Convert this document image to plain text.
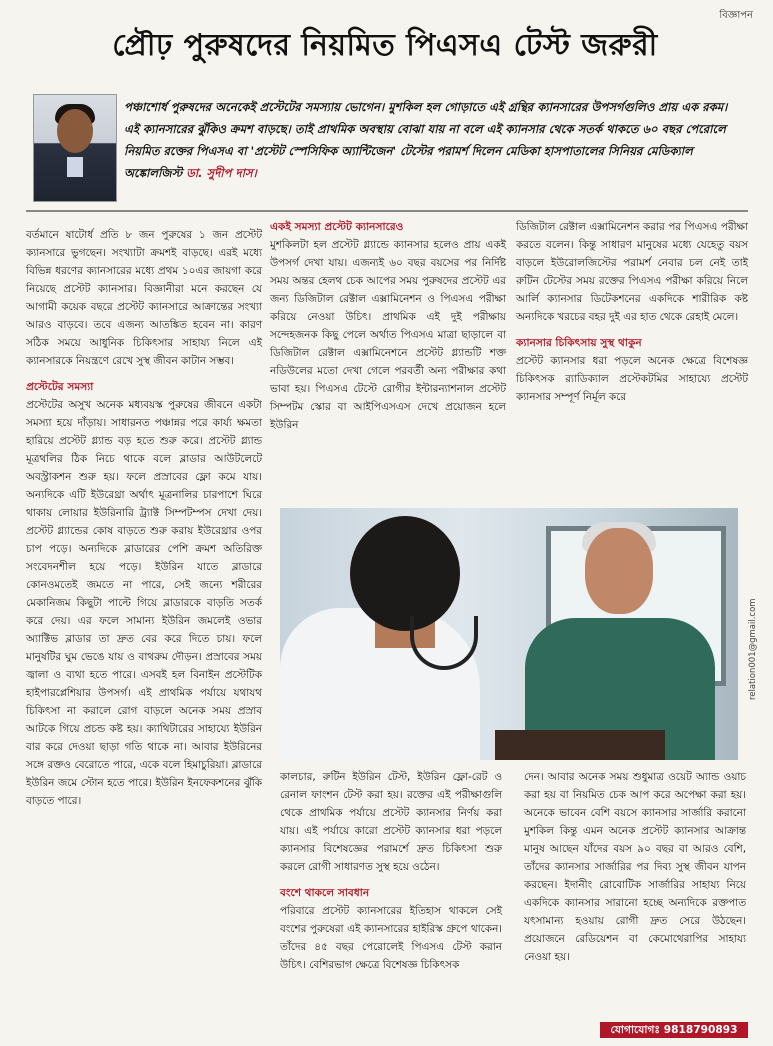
বিজ্ঞাপন
প্রৌঢ় পুরুষদের নিয়মিত পিএসএ টেস্ট জরুরী
পঞ্চাশোর্ধ পুরুষদের অনেকেই প্রস্টেটের সমস্যায় ভোগেন। মুশকিল হল গোড়াতে এই গ্রন্থির ক্যানসারের উপসর্গগুলিও প্রায় এক রকম। এই ক্যানসারের ঝুঁকিও ক্রমশ বাড়ছে। তাই প্রাথমিক অবস্থায় বোঝা যায় না বলে এই ক্যানসার থেকে সতর্ক থাকতে ৬০ বছর পেরোলে নিয়মিত রক্তের পিএসএ বা 'প্রস্টেট স্পেসিফিক অ্যান্টিজেন' টেস্টের পরামর্শ দিলেন মেডিকা হাসপাতালের সিনিয়র মেডিক্যাল অঙ্কোলজিস্ট ডা. সুদীপ দাস।

বর্তমানে ষাটোর্ধ প্রতি ৮ জন পুরুষের ১ জন প্রস্টেট ক্যানসারে ভুগছেন। সংখ্যাটা ক্রমশই বাড়ছে। এরই মধ্যে বিভিন্ন ধরণের ক্যানসারের মধ্যে প্রথম ১০এর জায়গা করে নিয়েছে প্রস্টেট ক্যানসার। বিজ্ঞানীরা মনে করছেন যে আগামী কয়েক বছরে প্রস্টেট ক্যানসারে আক্রান্তের সংখ্যা আরও বাড়বে। তবে এজন্য আতঙ্কিত হবেন না। কারণ সঠিক সময়ে আধুনিক চিকিৎসার সাহায্য নিলে এই ক্যানসারকে নিয়ন্ত্রণে রেখে সুস্থ জীবন কাটান সম্ভব।

প্রস্টেটের সমস্যা

প্রস্টেটের অসুখ অনেক মধ্যবয়স্ক পুরুষের জীবনে একটা সমস্যা হয়ে দাঁড়ায়। সাধারনত পঞ্চান্নর পরে কার্য্য ক্ষমতা হারিয়ে প্রস্টেট গ্ল্যান্ড বড় হতে শুরু করে। প্রস্টেট গ্ল্যান্ড মূত্রথলির ঠিক নিচে থাকে বলে ব্লাডার আউটলেটে অবস্ট্রাকশন শুরু হয়। ফলে প্রস্রাবের ফ্লো কমে যায়। অন্যদিকে এটি ইউরেথ্রা অর্থাৎ মূত্রনালির চারপাশে ঘিরে থাকায় লোয়ার ইউরিনারি ট্র্যাক্ট সিম্পটম্পস দেখা দেয়। প্রস্টেট গ্ল্যান্ডের কোষ বাড়তে শুরু করায় ইউরেথ্রার ওপর চাপ পড়ে। অন্যদিকে ব্লাডারের পেশি ক্রমশ অতিরিক্ত সংবেদনশীল হয়ে পড়ে। ইউরিন যাতে ব্লাডারে কোনওমতেই জমতে না পারে, সেই জন্যে শরীরের মেকানিজম কিছুটা পাল্টে গিয়ে ব্লাডারকে বাড়তি সতর্ক করে দেয়। এর ফলে সামান্য ইউরিন জমলেই ওভার অ্যাক্টিভ ব্লাডার তা দ্রুত বের করে দিতে চায়। ফলে মানুষটির ঘুম ভেঙে যায় ও বাথরুম দৌড়ন। প্রস্রাবের সময় জ্বালা ও ব্যথা হতে পারে। এসবই হল বিনাইন প্রস্টেটিক হাইপারপ্লেশিয়ার উপসর্গ। এই প্রাথমিক পর্যায়ে যথাযথ চিকিৎসা না করালে রোগ বাড়লে অনেক সময় প্রস্রাব আটকে গিয়ে প্রচন্ড কষ্ট হয়। ক্যাথিটারের সাহায্যে ইউরিন বার করে দেওয়া ছাড়া গতি থাকে না। আবার ইউরিনের সঙ্গে রক্তও বেরোতে পারে, একে বলে হিমাচুরিয়া। ব্লাডারে ইউরিন জমে স্টোন হতে পারে। ইউরিন ইনফেকশনের ঝুঁকি বাড়তে পারে।

একই সমস্যা প্রস্টেট ক্যানসারেও

মুশকিলটা হল প্রস্টেট গ্ল্যান্ডে ক্যানসার হলেও প্রায় একই উপসর্গ দেখা যায়। এজন্যই ৬০ বছর বয়সের পর নির্দিষ্ট সময় অন্তর হেলথ চেক আপের সময় পুরুষদের প্রস্টেট এর জন্য ডিজিটাল রেক্টাল এক্সামিনেশন ও পিএসএ পরীক্ষা করিয়ে নেওয়া উচিৎ। প্রাথমিক এই দুই পরীক্ষায় সন্দেহজনক কিছু পেলে অর্থাত পিএসএ মাত্রা ছাড়ালে বা ডিজিটাল রেক্টাল এক্সামিনেশনে প্রস্টেট গ্ল্যান্ডটি শক্ত নডিউলের মতো দেখা গেলে পরবর্তী অন্য পরীক্ষার কথা ভাবা হয়। পিএসএ টেস্টে রোগীর ইন্টারন্যাশনাল প্রস্টেট সিম্পটম স্কোর বা আইপিএসএস দেখে প্রয়োজন হলে ইউরিন

ডিজিটাল রেক্টাল এক্সামিনেশন করার পর পিএসএ পরীক্ষা করতে বলেন। কিন্তু সাধারণ মানুষের মধ্যে যেহেতু বয়স বাড়লে ইউরোলজিস্টের পরামর্শ নেবার চল নেই তাই রুটিন টেস্টের সময় রক্তের পিএসএ পরীক্ষা করিয়ে নিলে আর্লি ক্যানসার ডিটেকশনের একদিকে শারীরিক কষ্ট অন্যদিকে খরচের বহর দুই এর হাত থেকে রেহাই মেলে।

ক্যানসার চিকিৎসায় সুস্থ থাকুন

প্রস্টেট ক্যানসার ধরা পড়লে অনেক ক্ষেত্রে বিশেষজ্ঞ চিকিৎসক র‍্যাডিক্যাল প্রস্টেকটমির সাহায্যে প্রস্টেট ক্যানসার সম্পূর্ণ নির্মূল করে

relation001@gmail.com

কালচার, রুটিন ইউরিন টেস্ট, ইউরিন ফ্লো-রেট ও রেনাল ফাংশন টেস্ট করা হয়। রক্তের এই পরীক্ষাগুলি থেকে প্রাথমিক পর্যায়ে প্রস্টেট ক্যানসার নির্ণয় করা যায়। এই পর্যায়ে কারো প্রস্টেট ক্যানসার ধরা পড়লে ক্যানসার বিশেষজ্ঞের পরামর্শে দ্রুত চিকিৎসা শুরু করলে রোগী সাধারণত সুস্থ হয়ে ওঠেন।

বংশে থাকলে সাবধান

পরিবারে প্রস্টেট ক্যানসারের ইতিহাস থাকলে সেই বংশের পুরুষেরা এই ক্যানসারের হাইরিস্ক গ্রুপে থাকেন। তাঁদের ৪৫ বছর পেরোলেই পিএসএ টেস্ট করান উচিৎ। বেশিরভাগ ক্ষেত্রে বিশেষজ্ঞ চিকিৎসক

দেন। আবার অনেক সময় শুধুমাত্র ওয়েট অ্যান্ড ওয়াচ করা হয় বা নিয়মিত চেক আপ করে অপেক্ষা করা হয়। অনেকে ভাবেন বেশি বয়সে ক্যানসার সার্জারি করানো মুশকিল কিন্তু এমন অনেক প্রস্টেট ক্যানসার আক্রান্ত মানুষ আছেন যাঁদের বয়স ৯০ বছর বা আরও বেশি, তাঁদের ক্যানসার সার্জারির পর দিব্য সুস্থ জীবন যাপন করছেন। ইদানীং রোবোটিক সার্জারির সাহায্য নিয়ে একদিকে ক্যানসার সারানো হচ্ছে অন্যদিকে রক্তপাত যৎসামান্য হওয়ায় রোগী দ্রুত সেরে উঠছেন। প্রয়োজনে রেডিয়েশন বা কেমোথেরাপির সাহায্য নেওয়া হয়।

যোগাযোগঃ 9818790893
